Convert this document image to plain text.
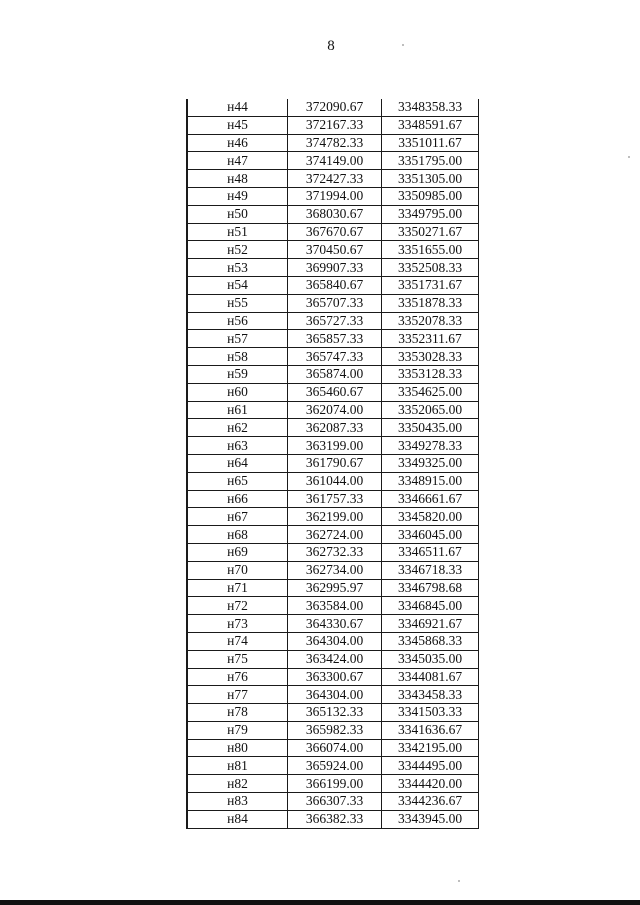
8
н44	372090.67	3348358.33
н45	372167.33	3348591.67
н46	374782.33	3351011.67
н47	374149.00	3351795.00
н48	372427.33	3351305.00
н49	371994.00	3350985.00
н50	368030.67	3349795.00
н51	367670.67	3350271.67
н52	370450.67	3351655.00
н53	369907.33	3352508.33
н54	365840.67	3351731.67
н55	365707.33	3351878.33
н56	365727.33	3352078.33
н57	365857.33	3352311.67
н58	365747.33	3353028.33
н59	365874.00	3353128.33
н60	365460.67	3354625.00
н61	362074.00	3352065.00
н62	362087.33	3350435.00
н63	363199.00	3349278.33
н64	361790.67	3349325.00
н65	361044.00	3348915.00
н66	361757.33	3346661.67
н67	362199.00	3345820.00
н68	362724.00	3346045.00
н69	362732.33	3346511.67
н70	362734.00	3346718.33
н71	362995.97	3346798.68
н72	363584.00	3346845.00
н73	364330.67	3346921.67
н74	364304.00	3345868.33
н75	363424.00	3345035.00
н76	363300.67	3344081.67
н77	364304.00	3343458.33
н78	365132.33	3341503.33
н79	365982.33	3341636.67
н80	366074.00	3342195.00
н81	365924.00	3344495.00
н82	366199.00	3344420.00
н83	366307.33	3344236.67
н84	366382.33	3343945.00
